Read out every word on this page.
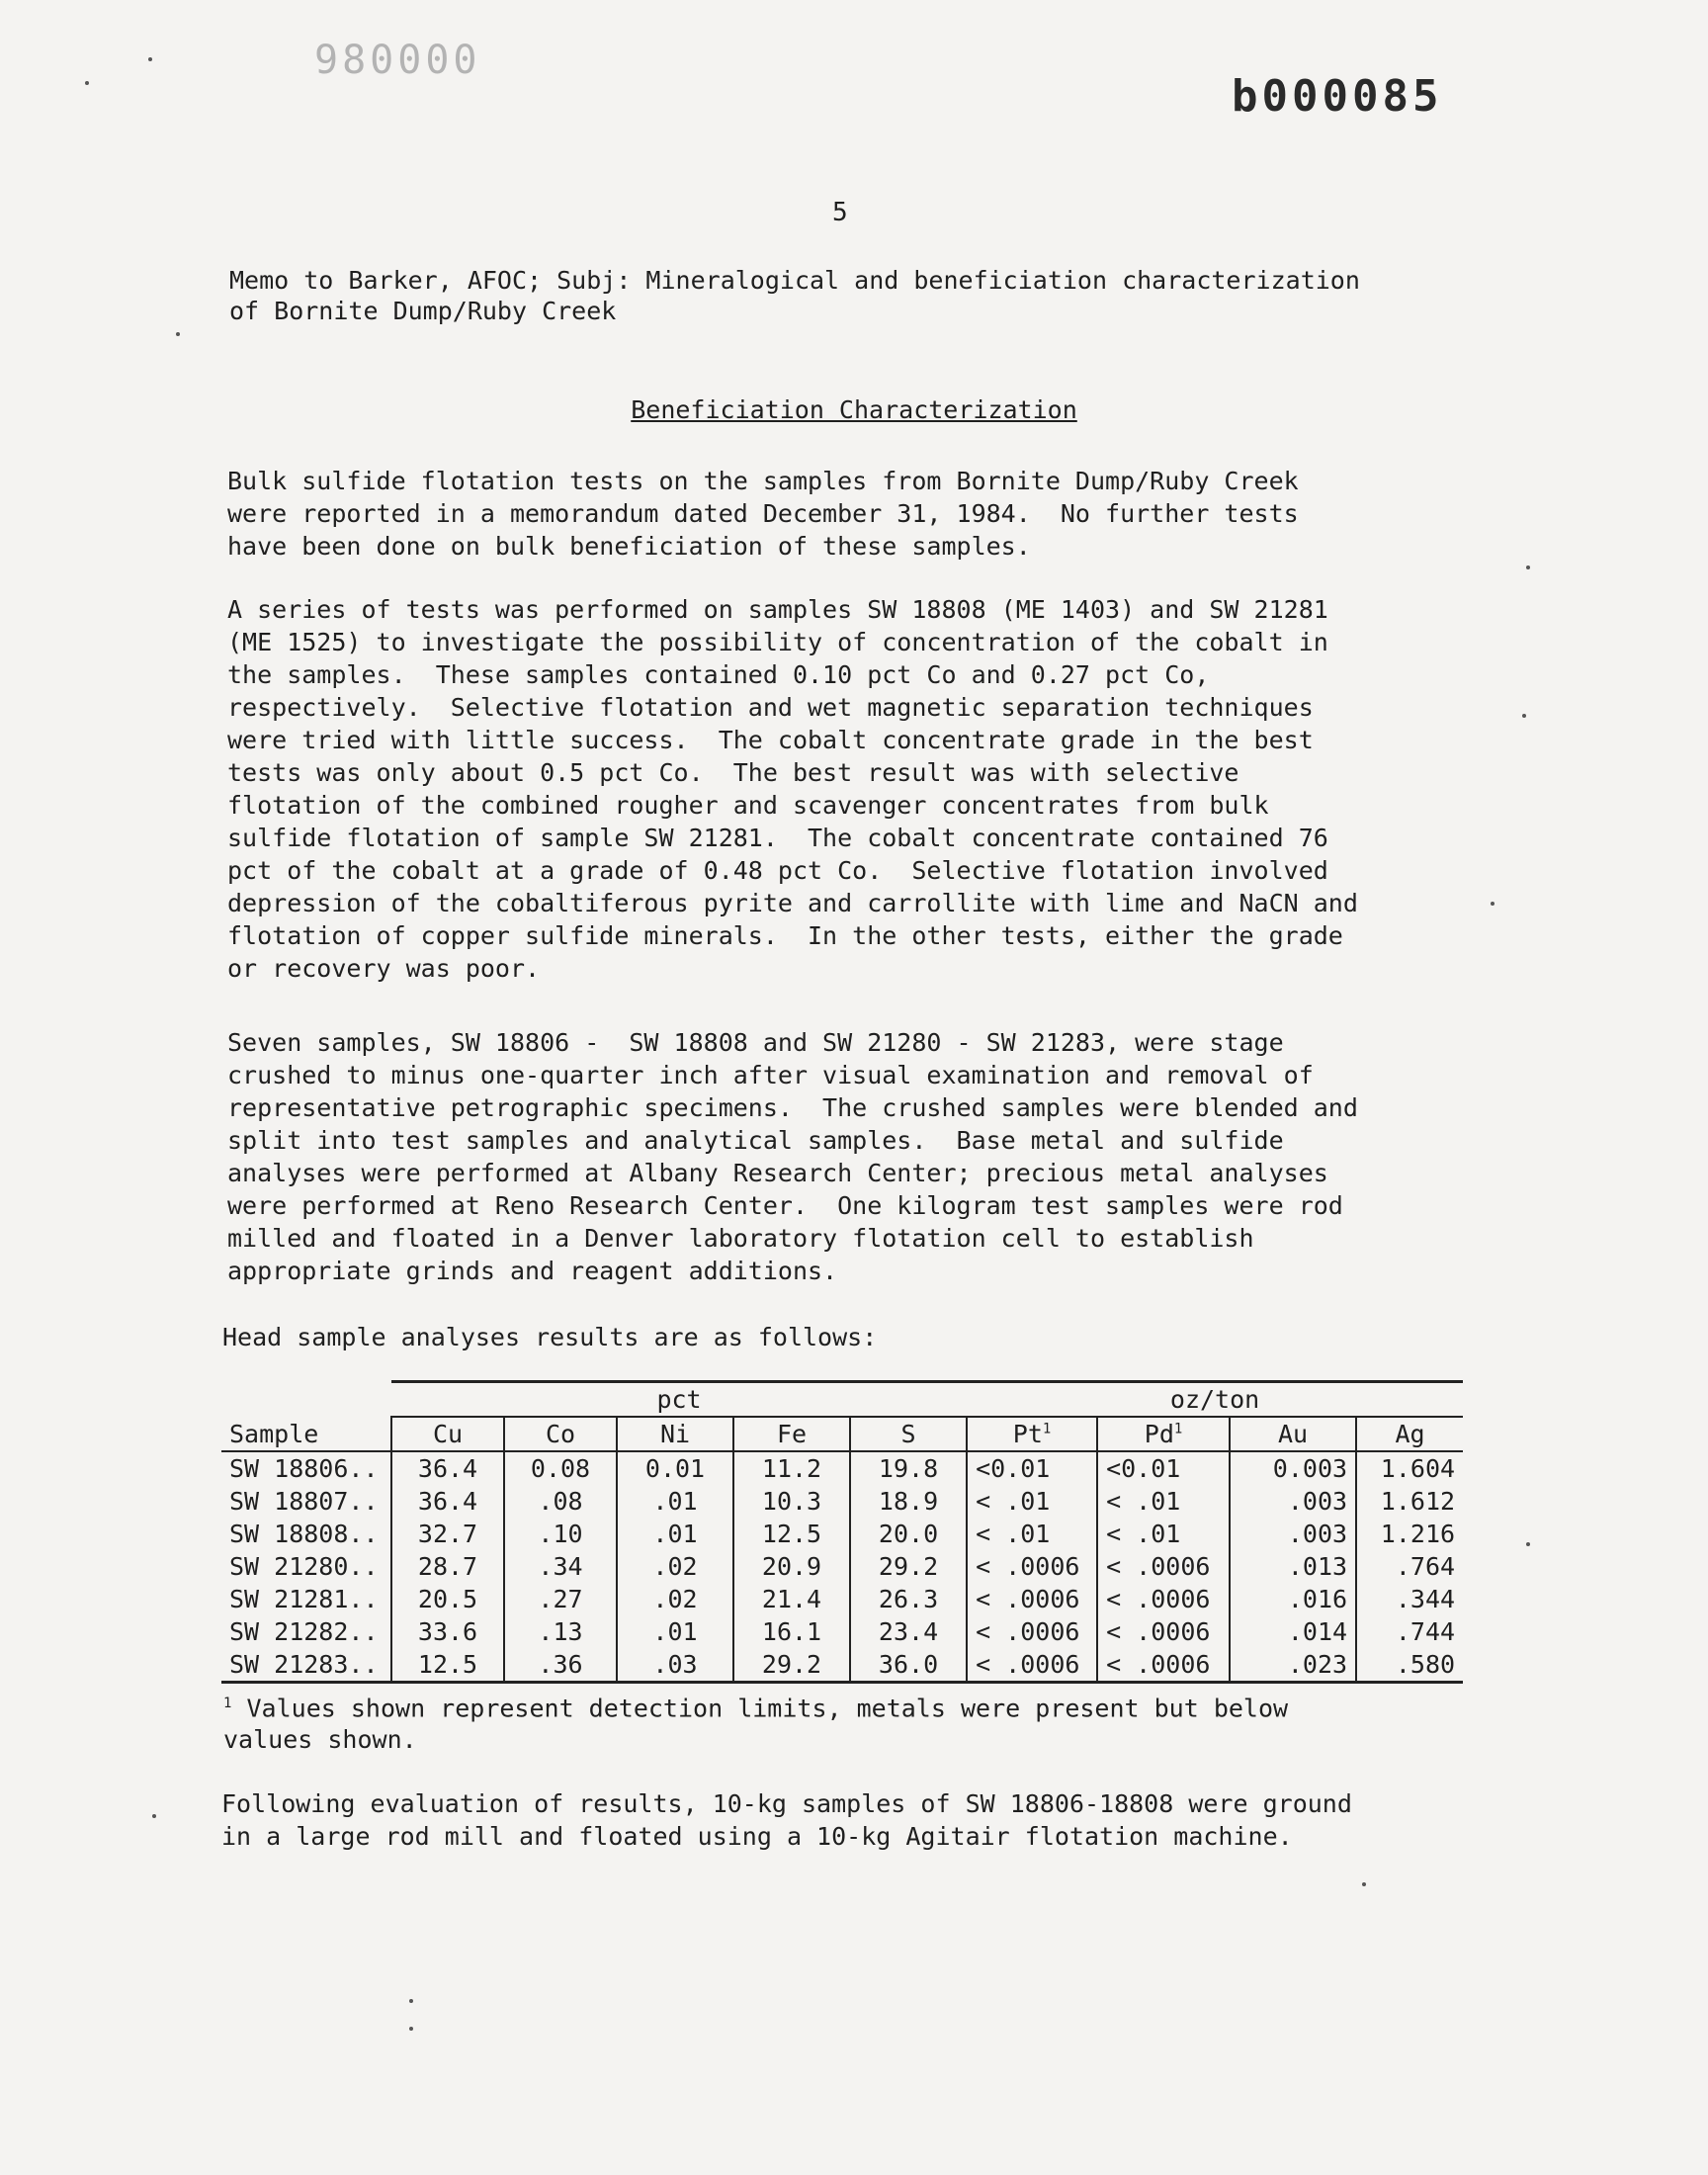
980000
b000085
5
Memo to Barker, AFOC; Subj: Mineralogical and beneficiation characterization
of Bornite Dump/Ruby Creek
Beneficiation Characterization
Bulk sulfide flotation tests on the samples from Bornite Dump/Ruby Creek
were reported in a memorandum dated December 31, 1984.  No further tests
have been done on bulk beneficiation of these samples.
A series of tests was performed on samples SW 18808 (ME 1403) and SW 21281
(ME 1525) to investigate the possibility of concentration of the cobalt in
the samples.  These samples contained 0.10 pct Co and 0.27 pct Co,
respectively.  Selective flotation and wet magnetic separation techniques
were tried with little success.  The cobalt concentrate grade in the best
tests was only about 0.5 pct Co.  The best result was with selective
flotation of the combined rougher and scavenger concentrates from bulk
sulfide flotation of sample SW 21281.  The cobalt concentrate contained 76
pct of the cobalt at a grade of 0.48 pct Co.  Selective flotation involved
depression of the cobaltiferous pyrite and carrollite with lime and NaCN and
flotation of copper sulfide minerals.  In the other tests, either the grade
or recovery was poor.
Seven samples, SW 18806 -  SW 18808 and SW 21280 - SW 21283, were stage
crushed to minus one-quarter inch after visual examination and removal of
representative petrographic specimens.  The crushed samples were blended and
split into test samples and analytical samples.  Base metal and sulfide
analyses were performed at Albany Research Center; precious metal analyses
were performed at Reno Research Center.  One kilogram test samples were rod
milled and floated in a Denver laboratory flotation cell to establish
appropriate grinds and reagent additions.
Head sample analyses results are as follows:
	pct					oz/ton			
Sample	Cu	Co	Ni	Fe	S	Pt$^1$	Pd$^1$	Au	Ag
SW 18806..	36.4	0.08	0.01	11.2	19.8	<0.01	<0.01	0.003	1.604
SW 18807..	36.4	.08	.01	10.3	18.9	< .01	< .01	.003	1.612
SW 18808..	32.7	.10	.01	12.5	20.0	< .01	< .01	.003	1.216
SW 21280..	28.7	.34	.02	20.9	29.2	< .0006	< .0006	.013	.764
SW 21281..	20.5	.27	.02	21.4	26.3	< .0006	< .0006	.016	.344
SW 21282..	33.6	.13	.01	16.1	23.4	< .0006	< .0006	.014	.744
SW 21283..	12.5	.36	.03	29.2	36.0	< .0006	< .0006	.023	.580
$^1$ Values shown represent detection limits, metals were present but below
values shown.
Following evaluation of results, 10-kg samples of SW 18806-18808 were ground
in a large rod mill and floated using a 10-kg Agitair flotation machine.
